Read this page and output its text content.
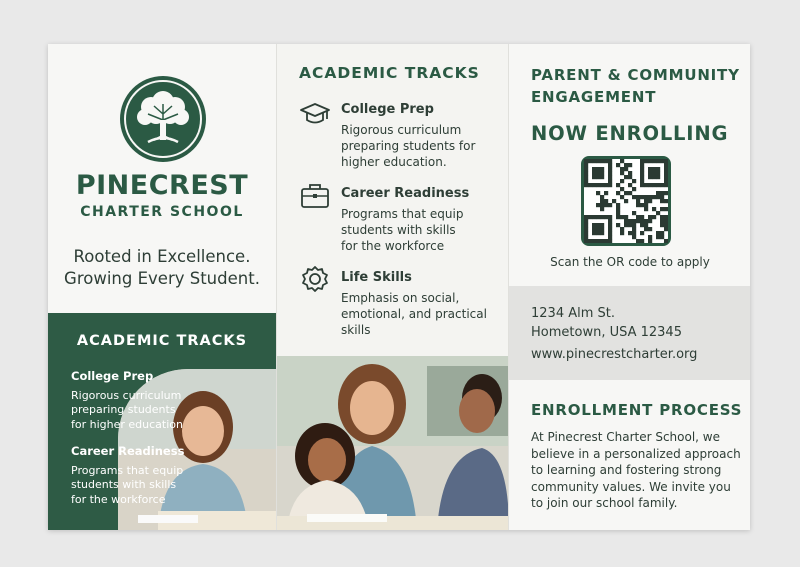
PINECREST
CHARTER SCHOOL
Rooted in Excellence.
Growing Every Student.
ACADEMIC TRACKS
College Prep
Rigorous curriculum
preparing students
for higher education
Career Readiness
Programs that equip
students with skills
for the workforce
ACADEMIC TRACKS
College Prep
Rigorous curriculum
preparing students for
higher education.
Career Readiness
Programs that equip
students with skills
for the workforce
Life Skills
Emphasis on social,
emotional, and practical
skills
PARENT & COMMUNITY
ENGAGEMENT
NOW ENROLLING
Scan the OR code to apply
1234 Alm St.
Hometown, USA 12345
www.pinecrestcharter.org
ENROLLMENT PROCESS
At Pinecrest Charter School, we
believe in a personalized approach
to learning and fostering strong
community values. We invite you
to join our school family.
